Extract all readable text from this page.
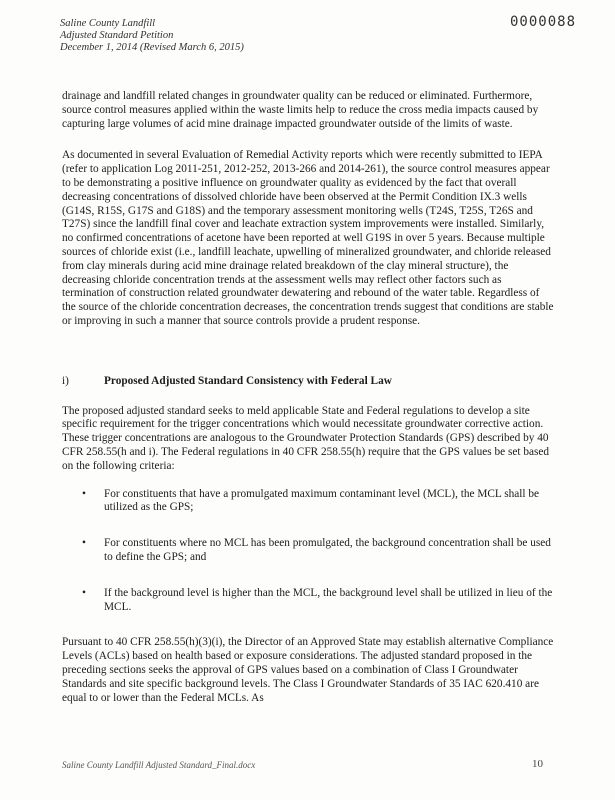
Saline County Landfill
Adjusted Standard Petition
December 1, 2014 (Revised March 6, 2015)
0000088

drainage and landfill related changes in groundwater quality can be reduced or eliminated. Furthermore, source control measures applied within the waste limits help to reduce the cross media impacts caused by capturing large volumes of acid mine drainage impacted groundwater outside of the limits of waste.

As documented in several Evaluation of Remedial Activity reports which were recently submitted to IEPA (refer to application Log 2011-251, 2012-252, 2013-266 and 2014-261), the source control measures appear to be demonstrating a positive influence on groundwater quality as evidenced by the fact that overall decreasing concentrations of dissolved chloride have been observed at the Permit Condition IX.3 wells (G14S, R15S, G17S and G18S) and the temporary assessment monitoring wells (T24S, T25S, T26S and T27S) since the landfill final cover and leachate extraction system improvements were installed. Similarly, no confirmed concentrations of acetone have been reported at well G19S in over 5 years. Because multiple sources of chloride exist (i.e., landfill leachate, upwelling of mineralized groundwater, and chloride released from clay minerals during acid mine drainage related breakdown of the clay mineral structure), the decreasing chloride concentration trends at the assessment wells may reflect other factors such as termination of construction related groundwater dewatering and rebound of the water table. Regardless of the source of the chloride concentration decreases, the concentration trends suggest that conditions are stable or improving in such a manner that source controls provide a prudent response.

i)	Proposed Adjusted Standard Consistency with Federal Law

The proposed adjusted standard seeks to meld applicable State and Federal regulations to develop a site specific requirement for the trigger concentrations which would necessitate groundwater corrective action. These trigger concentrations are analogous to the Groundwater Protection Standards (GPS) described by 40 CFR 258.55(h and i). The Federal regulations in 40 CFR 258.55(h) require that the GPS values be set based on the following criteria:

•	For constituents that have a promulgated maximum contaminant level (MCL), the MCL shall be utilized as the GPS;
•	For constituents where no MCL has been promulgated, the background concentration shall be used to define the GPS; and
•	If the background level is higher than the MCL, the background level shall be utilized in lieu of the MCL.

Pursuant to 40 CFR 258.55(h)(3)(i), the Director of an Approved State may establish alternative Compliance Levels (ACLs) based on health based or exposure considerations. The adjusted standard proposed in the preceding sections seeks the approval of GPS values based on a combination of Class I Groundwater Standards and site specific background levels. The Class I Groundwater Standards of 35 IAC 620.410 are equal to or lower than the Federal MCLs. As

Saline County Landfill Adjusted Standard_Final.docx	10
